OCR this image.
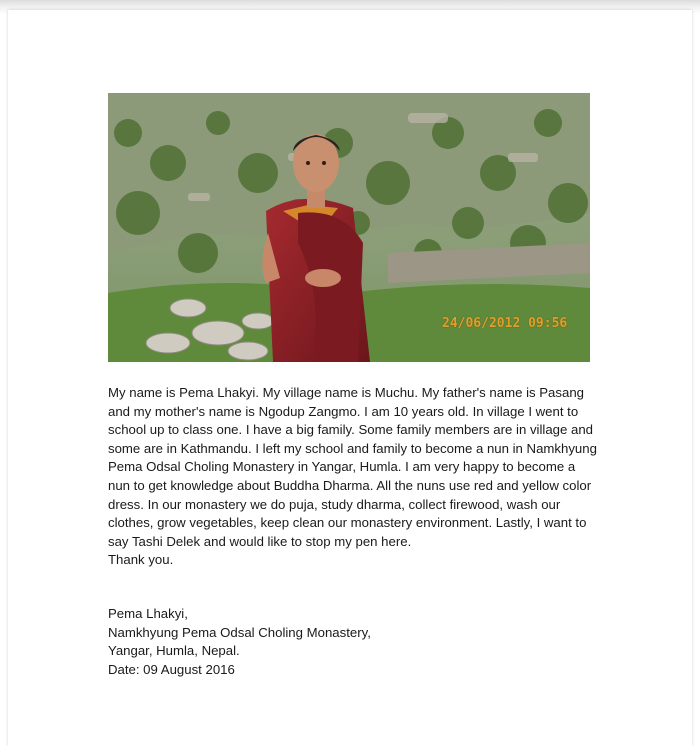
24/06/2012 09:56

My name is Pema Lhakyi. My village name is Muchu. My father's name is Pasang and my mother's name is Ngodup Zangmo. I am 10 years old. In village I went to school up to class one. I have a big family. Some family members are in village and some are in Kathmandu. I left my school and family to become a nun in Namkhyung Pema Odsal Choling Monastery in Yangar, Humla. I am very happy to become a nun to get knowledge about Buddha Dharma. All the nuns use red and yellow color dress. In our monastery we do puja, study dharma, collect firewood, wash our clothes, grow vegetables, keep clean our monastery environment. Lastly, I want to say Tashi Delek and would like to stop my pen here.

Thank you.

Pema Lhakyi,
Namkhyung Pema Odsal Choling Monastery,
Yangar, Humla, Nepal.
Date: 09 August 2016
